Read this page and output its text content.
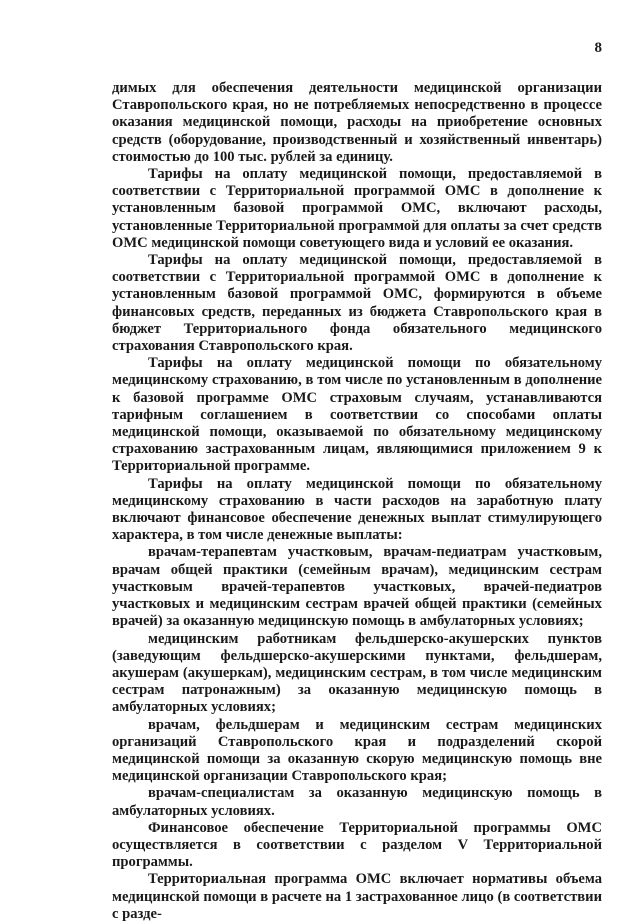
8

димых для обеспечения деятельности медицинской организации Ставропольского края, но не потребляемых непосредственно в процессе оказания медицинской помощи, расходы на приобретение основных средств (оборудование, производственный и хозяйственный инвентарь) стоимостью до 100 тыс. рублей за единицу.

Тарифы на оплату медицинской помощи, предоставляемой в соответствии с Территориальной программой ОМС в дополнение к установленным базовой программой ОМС, включают расходы, установленные Территориальной программой для оплаты за счет средств ОМС медицинской помощи советующего вида и условий ее оказания.

Тарифы на оплату медицинской помощи, предоставляемой в соответствии с Территориальной программой ОМС в дополнение к установленным базовой программой ОМС, формируются в объеме финансовых средств, переданных из бюджета Ставропольского края в бюджет Территориального фонда обязательного медицинского страхования Ставропольского края.

Тарифы на оплату медицинской помощи по обязательному медицинскому страхованию, в том числе по установленным в дополнение к базовой программе ОМС страховым случаям, устанавливаются тарифным соглашением в соответствии со способами оплаты медицинской помощи, оказываемой по обязательному медицинскому страхованию застрахованным лицам, являющимися приложением 9 к Территориальной программе.

Тарифы на оплату медицинской помощи по обязательному медицинскому страхованию в части расходов на заработную плату включают финансовое обеспечение денежных выплат стимулирующего характера, в том числе денежные выплаты:

врачам-терапевтам участковым, врачам-педиатрам участковым, врачам общей практики (семейным врачам), медицинским сестрам участковым врачей-терапевтов участковых, врачей-педиатров участковых и медицинским сестрам врачей общей практики (семейных врачей) за оказанную медицинскую помощь в амбулаторных условиях;

медицинским работникам фельдшерско-акушерских пунктов (заведующим фельдшерско-акушерскими пунктами, фельдшерам, акушерам (акушеркам), медицинским сестрам, в том числе медицинским сестрам патронажным) за оказанную медицинскую помощь в амбулаторных условиях;

врачам, фельдшерам и медицинским сестрам медицинских организаций Ставропольского края и подразделений скорой медицинской помощи за оказанную скорую медицинскую помощь вне медицинской организации Ставропольского края;

врачам-специалистам за оказанную медицинскую помощь в амбулаторных условиях.

Финансовое обеспечение Территориальной программы ОМС осуществляется в соответствии с разделом V Территориальной программы.

Территориальная программа ОМС включает нормативы объема медицинской помощи в расчете на 1 застрахованное лицо (в соответствии с разде-
